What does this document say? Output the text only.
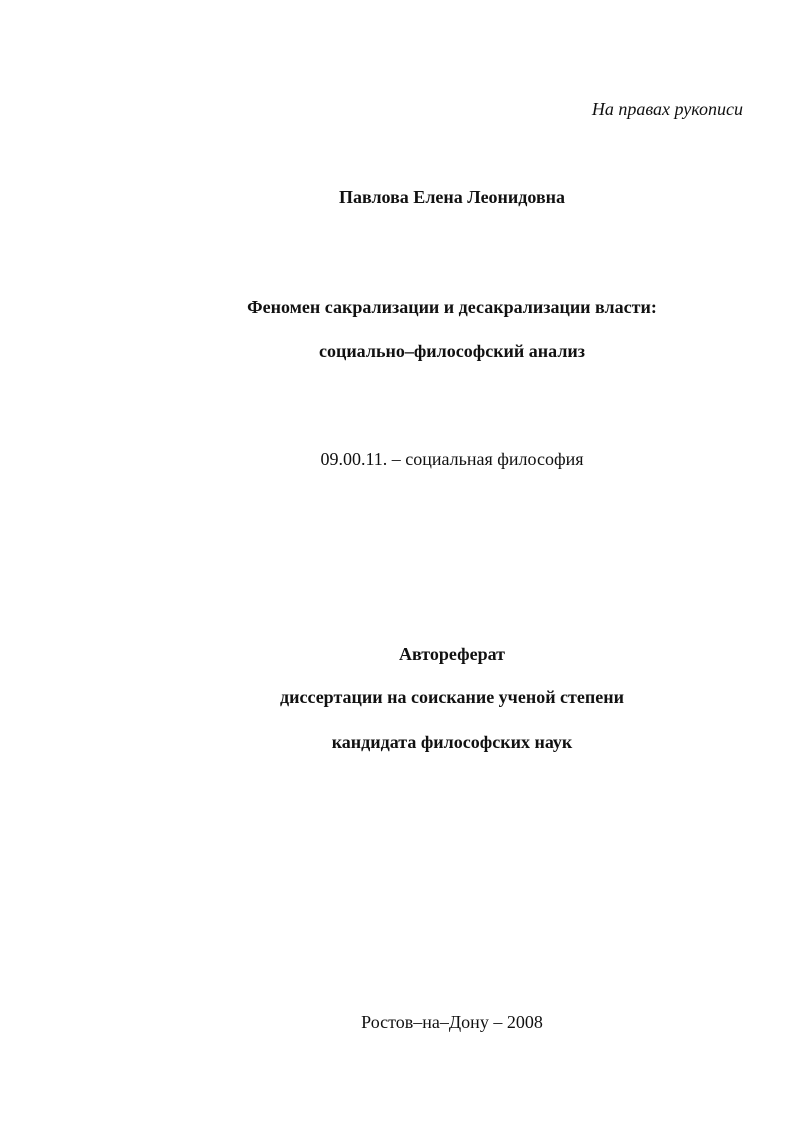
На правах рукописи
Павлова Елена Леонидовна
Феномен сакрализации и десакрализации власти:
социально–философский анализ
09.00.11. – социальная философия
Автореферат
диссертации на соискание ученой степени
кандидата философских наук
Ростов–на–Дону – 2008
